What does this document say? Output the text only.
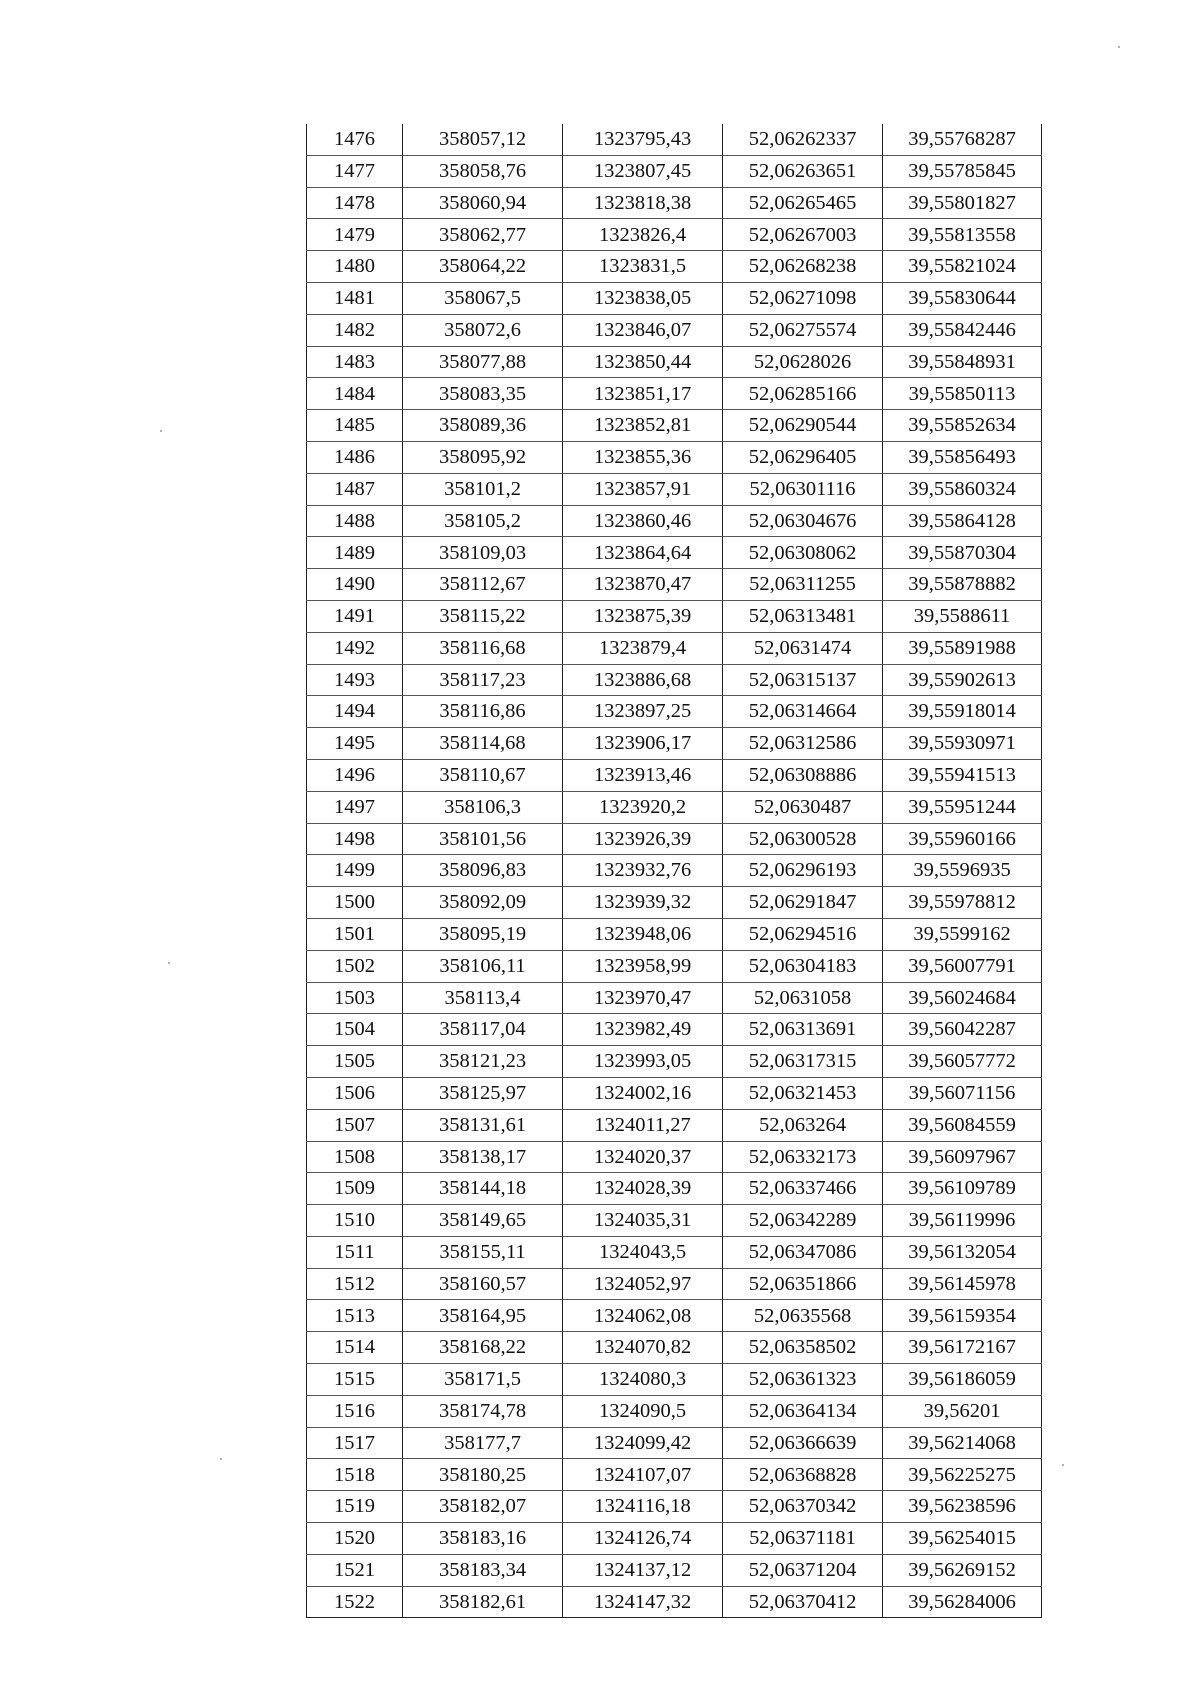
1476	358057,12	1323795,43	52,06262337	39,55768287
1477	358058,76	1323807,45	52,06263651	39,55785845
1478	358060,94	1323818,38	52,06265465	39,55801827
1479	358062,77	1323826,4	52,06267003	39,55813558
1480	358064,22	1323831,5	52,06268238	39,55821024
1481	358067,5	1323838,05	52,06271098	39,55830644
1482	358072,6	1323846,07	52,06275574	39,55842446
1483	358077,88	1323850,44	52,0628026	39,55848931
1484	358083,35	1323851,17	52,06285166	39,55850113
1485	358089,36	1323852,81	52,06290544	39,55852634
1486	358095,92	1323855,36	52,06296405	39,55856493
1487	358101,2	1323857,91	52,06301116	39,55860324
1488	358105,2	1323860,46	52,06304676	39,55864128
1489	358109,03	1323864,64	52,06308062	39,55870304
1490	358112,67	1323870,47	52,06311255	39,55878882
1491	358115,22	1323875,39	52,06313481	39,5588611
1492	358116,68	1323879,4	52,0631474	39,55891988
1493	358117,23	1323886,68	52,06315137	39,55902613
1494	358116,86	1323897,25	52,06314664	39,55918014
1495	358114,68	1323906,17	52,06312586	39,55930971
1496	358110,67	1323913,46	52,06308886	39,55941513
1497	358106,3	1323920,2	52,0630487	39,55951244
1498	358101,56	1323926,39	52,06300528	39,55960166
1499	358096,83	1323932,76	52,06296193	39,5596935
1500	358092,09	1323939,32	52,06291847	39,55978812
1501	358095,19	1323948,06	52,06294516	39,5599162
1502	358106,11	1323958,99	52,06304183	39,56007791
1503	358113,4	1323970,47	52,0631058	39,56024684
1504	358117,04	1323982,49	52,06313691	39,56042287
1505	358121,23	1323993,05	52,06317315	39,56057772
1506	358125,97	1324002,16	52,06321453	39,56071156
1507	358131,61	1324011,27	52,063264	39,56084559
1508	358138,17	1324020,37	52,06332173	39,56097967
1509	358144,18	1324028,39	52,06337466	39,56109789
1510	358149,65	1324035,31	52,06342289	39,56119996
1511	358155,11	1324043,5	52,06347086	39,56132054
1512	358160,57	1324052,97	52,06351866	39,56145978
1513	358164,95	1324062,08	52,0635568	39,56159354
1514	358168,22	1324070,82	52,06358502	39,56172167
1515	358171,5	1324080,3	52,06361323	39,56186059
1516	358174,78	1324090,5	52,06364134	39,56201
1517	358177,7	1324099,42	52,06366639	39,56214068
1518	358180,25	1324107,07	52,06368828	39,56225275
1519	358182,07	1324116,18	52,06370342	39,56238596
1520	358183,16	1324126,74	52,06371181	39,56254015
1521	358183,34	1324137,12	52,06371204	39,56269152
1522	358182,61	1324147,32	52,06370412	39,56284006
